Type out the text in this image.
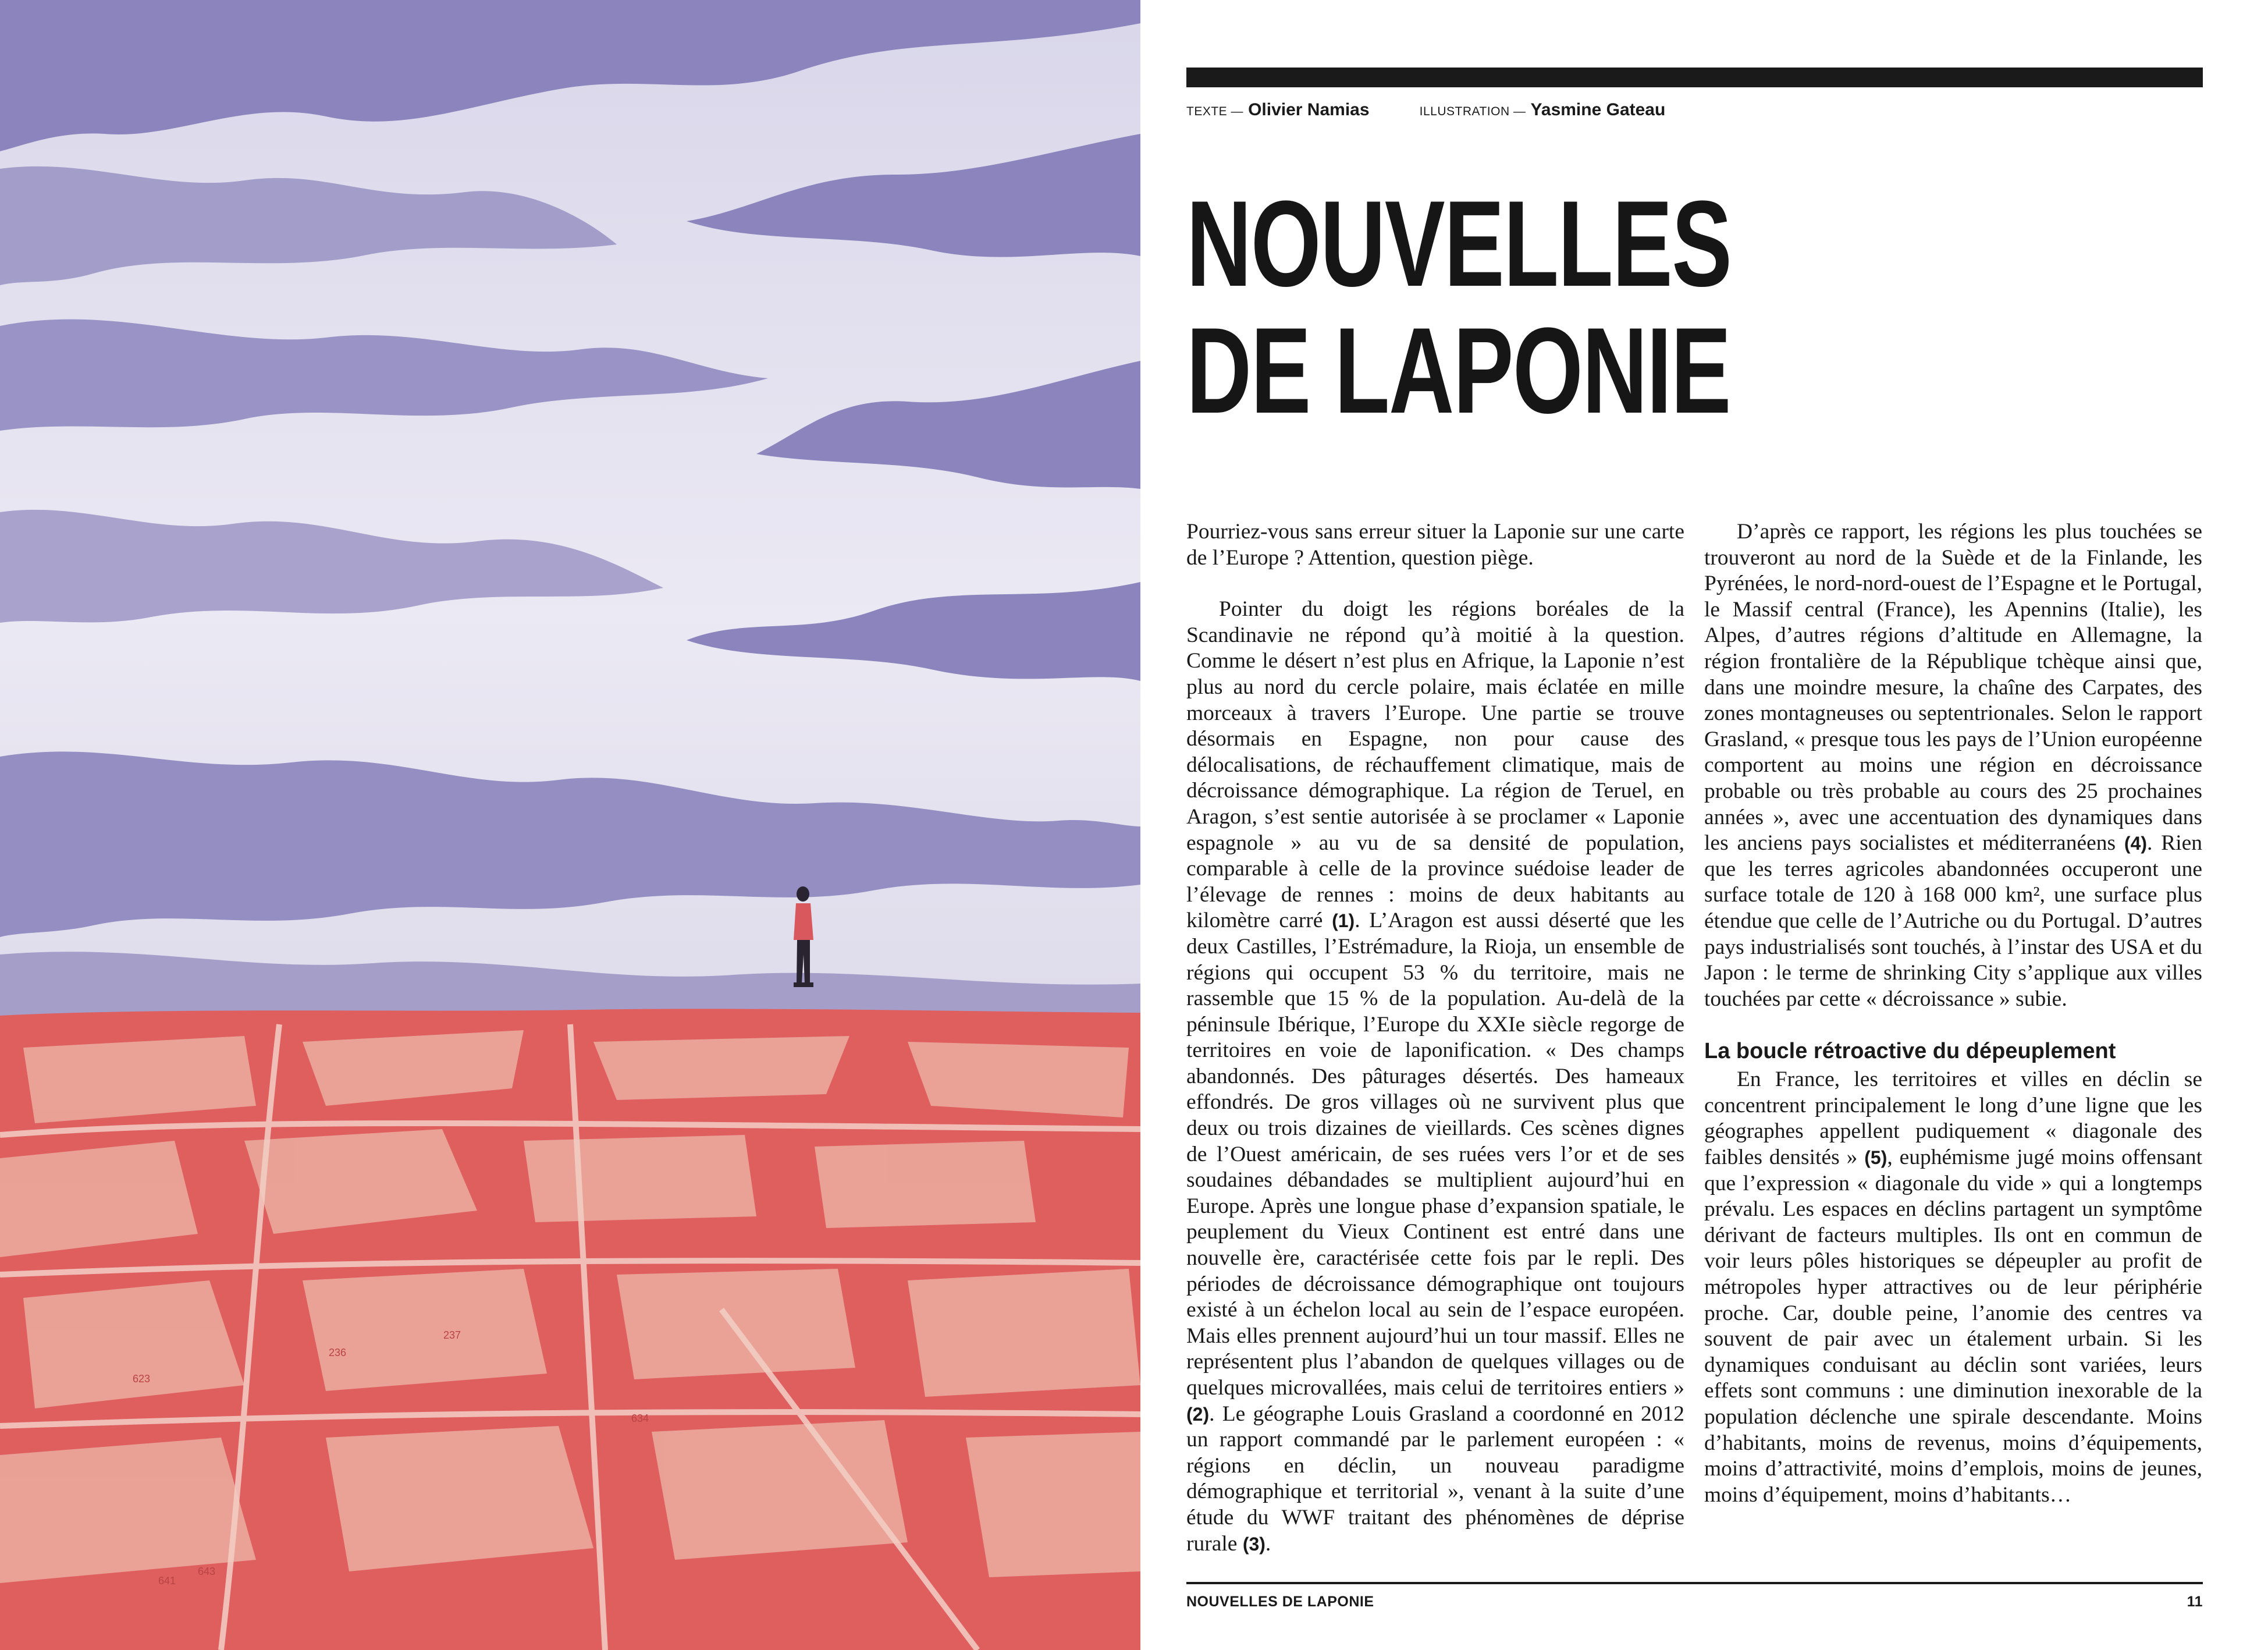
623
236
237
634
641
643
TEXTE — Olivier Namias	ILLUSTRATION — Yasmine Gateau
NOUVELLES
DE LAPONIE

Pourriez-vous sans erreur situer la Laponie sur une carte de l’Europe ? Attention, question piège.

Pointer du doigt les régions boréales de la Scandinavie ne répond qu’à moitié à la question. Comme le désert n’est plus en Afrique, la Laponie n’est plus au nord du cercle polaire, mais éclatée en mille morceaux à travers l’Europe. Une partie se trouve désormais en Espagne, non pour cause des délocalisations, de réchauffement climatique, mais de décroissance démographique. La région de Teruel, en Aragon, s’est sentie autorisée à se proclamer « Laponie espagnole » au vu de sa densité de population, comparable à celle de la province suédoise leader de l’élevage de rennes : moins de deux habitants au kilomètre carré (1). L’Aragon est aussi déserté que les deux Castilles, l’Estrémadure, la Rioja, un ensemble de régions qui occupent 53 % du territoire, mais ne rassemble que 15 % de la population. Au-delà de la péninsule Ibérique, l’Europe du XXIe siècle regorge de territoires en voie de laponification. « Des champs abandonnés. Des pâturages désertés. Des hameaux effondrés. De gros villages où ne survivent plus que deux ou trois dizaines de vieillards. Ces scènes dignes de l’Ouest américain, de ses ruées vers l’or et de ses soudaines débandades se multiplient aujourd’hui en Europe. Après une longue phase d’expansion spatiale, le peuplement du Vieux Continent est entré dans une nouvelle ère, caractérisée cette fois par le repli. Des périodes de décroissance démographique ont toujours existé à un échelon local au sein de l’espace européen. Mais elles prennent aujourd’hui un tour massif. Elles ne représentent plus l’abandon de quelques villages ou de quelques microvallées, mais celui de territoires entiers » (2). Le géographe Louis Grasland a coordonné en 2012 un rapport commandé par le parlement européen : « régions en déclin, un nouveau paradigme démographique et territorial », venant à la suite d’une étude du WWF traitant des phénomènes de déprise rurale (3).

D’après ce rapport, les régions les plus touchées se trouveront au nord de la Suède et de la Finlande, les Pyrénées, le nord-nord-ouest de l’Espagne et le Portugal, le Massif central (France), les Apennins (Italie), les Alpes, d’autres régions d’altitude en Allemagne, la région frontalière de la République tchèque ainsi que, dans une moindre mesure, la chaîne des Carpates, des zones montagneuses ou septentrionales. Selon le rapport Grasland, « presque tous les pays de l’Union européenne comportent au moins une région en décroissance probable ou très probable au cours des 25 prochaines années », avec une accentuation des dynamiques dans les anciens pays socialistes et méditerranéens (4). Rien que les terres agricoles abandonnées occuperont une surface totale de 120 à 168 000 km², une surface plus étendue que celle de l’Autriche ou du Portugal. D’autres pays industrialisés sont touchés, à l’instar des USA et du Japon : le terme de shrinking City s’applique aux villes touchées par cette « décroissance » subie.

La boucle rétroactive du dépeuplement

En France, les territoires et villes en déclin se concentrent principalement le long d’une ligne que les géographes appellent pudiquement « diagonale des faibles densités » (5), euphémisme jugé moins offensant que l’expression « diagonale du vide » qui a longtemps prévalu. Les espaces en déclins partagent un symptôme dérivant de facteurs multiples. Ils ont en commun de voir leurs pôles historiques se dépeupler au profit de métropoles hyper attractives ou de leur périphérie proche. Car, double peine, l’anomie des centres va souvent de pair avec un étalement urbain. Si les dynamiques conduisant au déclin sont variées, leurs effets sont communs : une diminution inexorable de la population déclenche une spirale descendante. Moins d’habitants, moins de revenus, moins d’équipements, moins d’attractivité, moins d’emplois, moins de jeunes, moins d’équipement, moins d’habitants…

NOUVELLES DE LAPONIE	11
